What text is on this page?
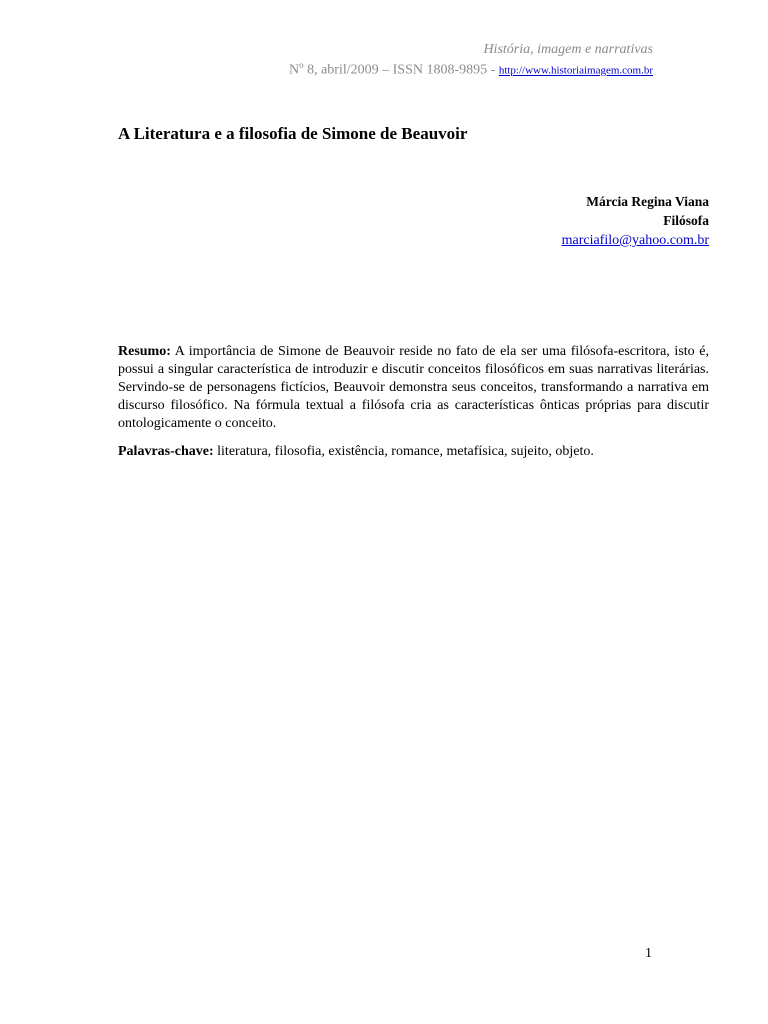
História, imagem e narrativas
$N^o$ 8, abril/2009 – ISSN 1808-9895 - http://www.historiaimagem.com.br
A Literatura e a filosofia de Simone de Beauvoir
Márcia Regina Viana
Filósofa
marciafilo@yahoo.com.br
Resumo: A importância de Simone de Beauvoir reside no fato de ela ser uma filósofa-escritora, isto é, possui a singular característica de introduzir e discutir conceitos filosóficos em suas narrativas literárias. Servindo-se de personagens fictícios, Beauvoir demonstra seus conceitos, transformando a narrativa em discurso filosófico. Na fórmula textual a filósofa cria as características ônticas próprias para discutir ontologicamente o conceito.
Palavras-chave: literatura, filosofia, existência, romance, metafísica, sujeito, objeto.
1
